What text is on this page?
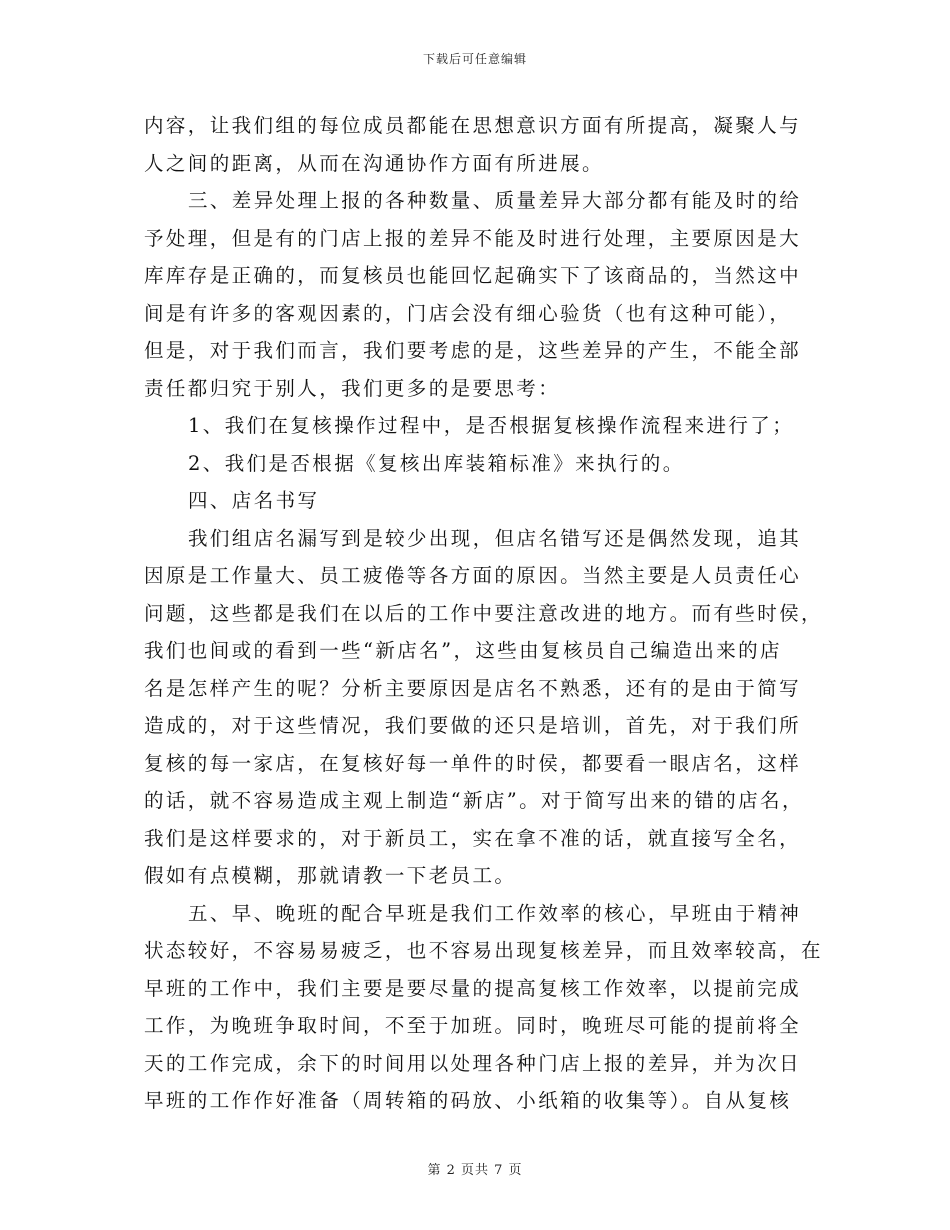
下载后可任意编辑
内容，让我们组的每位成员都能在思想意识方面有所提高，凝聚人与
人之间的距离，从而在沟通协作方面有所进展。
三、差异处理上报的各种数量、质量差异大部分都有能及时的给
予处理，但是有的门店上报的差异不能及时进行处理，主要原因是大
库库存是正确的，而复核员也能回忆起确实下了该商品的，当然这中
间是有许多的客观因素的，门店会没有细心验货（也有这种可能），
但是，对于我们而言，我们要考虑的是，这些差异的产生，不能全部
责任都归究于别人，我们更多的是要思考：
1、我们在复核操作过程中，是否根据复核操作流程来进行了；
2、我们是否根据《复核出库装箱标准》来执行的。
四、店名书写
我们组店名漏写到是较少出现，但店名错写还是偶然发现，追其
因原是工作量大、员工疲倦等各方面的原因。当然主要是人员责任心
问题，这些都是我们在以后的工作中要注意改进的地方。而有些时侯，
我们也间或的看到一些“新店名”，这些由复核员自己编造出来的店
名是怎样产生的呢？分析主要原因是店名不熟悉，还有的是由于简写
造成的，对于这些情况，我们要做的还只是培训，首先，对于我们所
复核的每一家店，在复核好每一单件的时侯，都要看一眼店名，这样
的话，就不容易造成主观上制造“新店”。对于简写出来的错的店名，
我们是这样要求的，对于新员工，实在拿不准的话，就直接写全名，
假如有点模糊，那就请教一下老员工。
五、早、晚班的配合早班是我们工作效率的核心，早班由于精神
状态较好，不容易易疲乏，也不容易出现复核差异，而且效率较高，在
早班的工作中，我们主要是要尽量的提高复核工作效率，以提前完成
工作，为晚班争取时间，不至于加班。同时，晚班尽可能的提前将全
天的工作完成，余下的时间用以处理各种门店上报的差异，并为次日
早班的工作作好准备（周转箱的码放、小纸箱的收集等）。自从复核
第 2 页共 7 页
